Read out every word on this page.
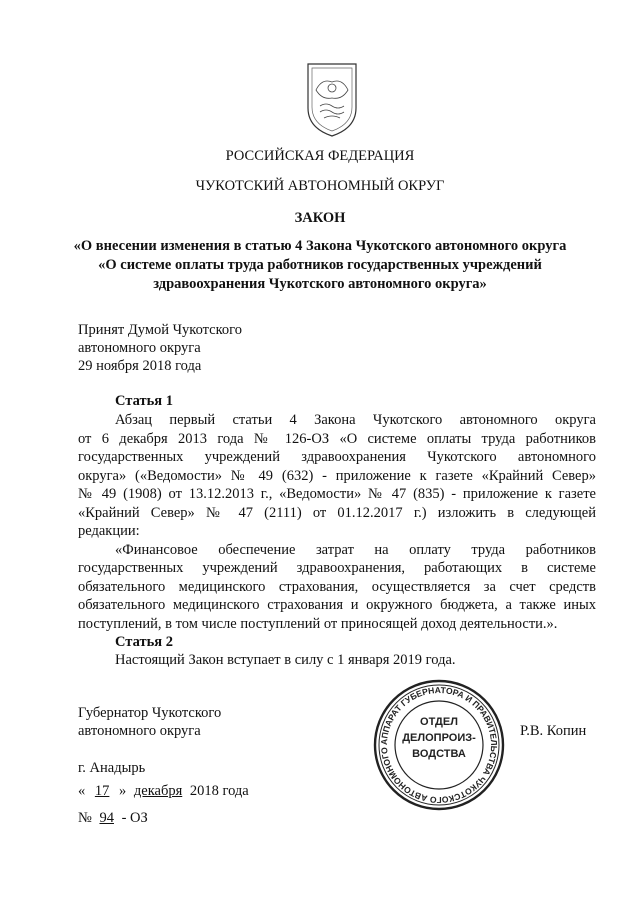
РОССИЙСКАЯ ФЕДЕРАЦИЯ
ЧУКОТСКИЙ АВТОНОМНЫЙ ОКРУГ
ЗАКОН
«О внесении изменения в статью 4 Закона Чукотского автономного округа
«О системе оплаты труда работников государственных учреждений
здравоохранения Чукотского автономного округа»
Принят Думой Чукотского
автономного округа
29 ноября 2018 года
Статья 1
Абзац первый статьи 4 Закона Чукотского автономного округа
от 6 декабря 2013 года № 126-ОЗ «О системе оплаты труда работников
государственных учреждений здравоохранения Чукотского автономного
округа» («Ведомости» № 49 (632) - приложение к газете «Крайний Север»
№ 49 (1908) от 13.12.2013 г., «Ведомости» № 47 (835) - приложение к газете
«Крайний Север» № 47 (2111) от 01.12.2017 г.) изложить в следующей
редакции:
«Финансовое обеспечение затрат на оплату труда работников
государственных учреждений здравоохранения, работающих в системе
обязательного медицинского страхования, осуществляется за счет средств
обязательного медицинского страхования и окружного бюджета, а также иных
поступлений, в том числе поступлений от приносящей доход деятельности.».
Статья 2
Настоящий Закон вступает в силу с 1 января 2019 года.
Губернатор Чукотского
автономного округа	Р.В. Копин
АППАРАТ ГУБЕРНАТОРА И ПРАВИТЕЛЬСТВА ЧУКОТСКОГО АВТОНОМНОГО
ОТДЕЛ
ДЕЛОПРОИЗ-
ВОДСТВА
г. Анадырь
« 17 » декабря 2018 года
№ 94 - ОЗ
